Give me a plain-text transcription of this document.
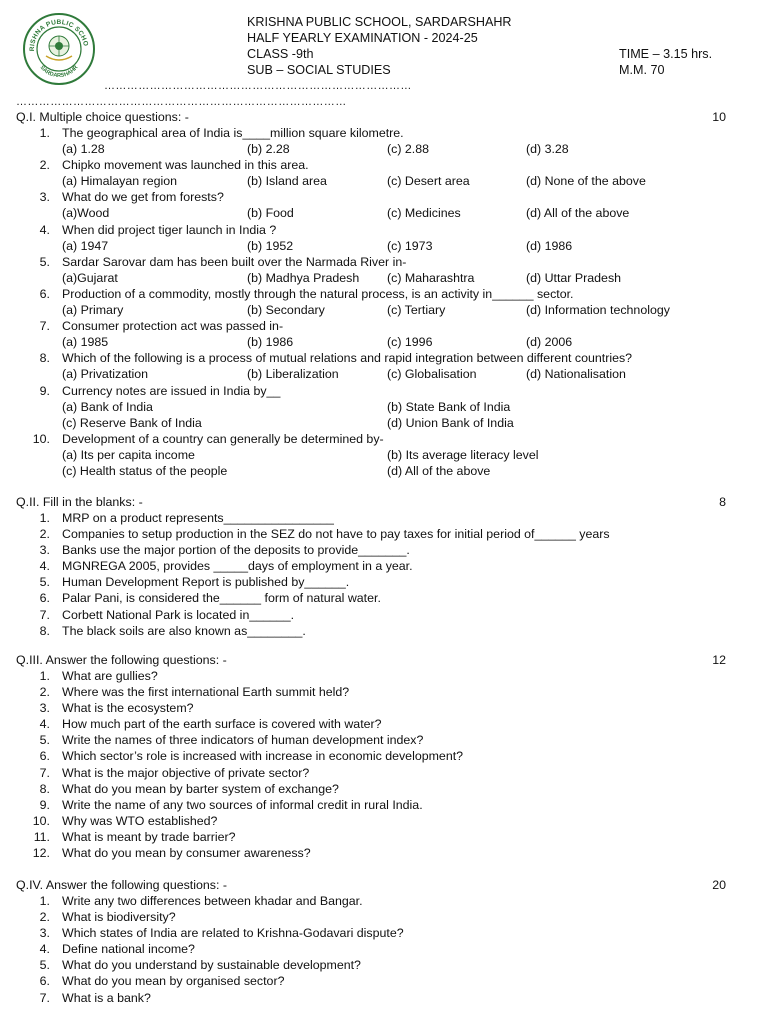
RISHNA PUBLIC SCHO
SARDARSHAHR
KRISHNA PUBLIC SCHOOL, SARDARSHAHR
HALF YEARLY EXAMINATION - 2024-25
CLASS -9th
SUB – SOCIAL STUDIES
TIME – 3.15 hrs.
M.M. 70
………………………………………………………………………
……………………………………………………………………………
Q.I. Multiple choice questions: -	10
1. The geographical area of India is____million square kilometre.
(a) 1.28	(b) 2.28	(c) 2.88	(d) 3.28
2. Chipko movement was launched in this area.
(a) Himalayan region	(b) Island area	(c) Desert area	(d) None of the above
3. What do we get from forests?
(a)Wood	(b) Food	(c) Medicines	(d) All of the above
4. When did project tiger launch in India ?
(a) 1947	(b) 1952	(c) 1973	(d) 1986
5. Sardar Sarovar dam has been built over the Narmada River in-
(a)Gujarat	(b) Madhya Pradesh (c) Maharashtra	(d) Uttar Pradesh
6. Production of a commodity, mostly through the natural process, is an activity in______ sector.
(a) Primary	(b) Secondary	(c) Tertiary	(d) Information technology
7. Consumer protection act was passed in-
(a) 1985	(b) 1986	(c) 1996	(d) 2006
8. Which of the following is a process of mutual relations and rapid integration between different countries?
(a) Privatization	(b) Liberalization	(c) Globalisation	(d) Nationalisation
9. Currency notes are issued in India by__
(a) Bank of India	(b) State Bank of India
(c) Reserve Bank of India	(d) Union Bank of India
10. Development of a country can generally be determined by-
(a) Its per capita income	(b) Its average literacy level
(c) Health status of the people	(d) All of the above
Q.II. Fill in the blanks: -	8
1. MRP on a product represents________________
2. Companies to setup production in the SEZ do not have to pay taxes for initial period of______ years
3. Banks use the major portion of the deposits to provide_______.
4. MGNREGA 2005, provides _____days of employment in a year.
5. Human Development Report is published by______.
6. Palar Pani, is considered the______ form of natural water.
7. Corbett National Park is located in______.
8. The black soils are also known as________.
Q.III. Answer the following questions: -	12
1. What are gullies?
2. Where was the first international Earth summit held?
3. What is the ecosystem?
4. How much part of the earth surface is covered with water?
5. Write the names of three indicators of human development index?
6. Which sector’s role is increased with increase in economic development?
7. What is the major objective of private sector?
8. What do you mean by barter system of exchange?
9. Write the name of any two sources of informal credit in rural India.
10. Why was WTO established?
11. What is meant by trade barrier?
12. What do you mean by consumer awareness?
Q.IV. Answer the following questions: -	20
1. Write any two differences between khadar and Bangar.
2. What is biodiversity?
3. Which states of India are related to Krishna-Godavari dispute?
4. Define national income?
5. What do you understand by sustainable development?
6. What do you mean by organised sector?
7. What is a bank?
